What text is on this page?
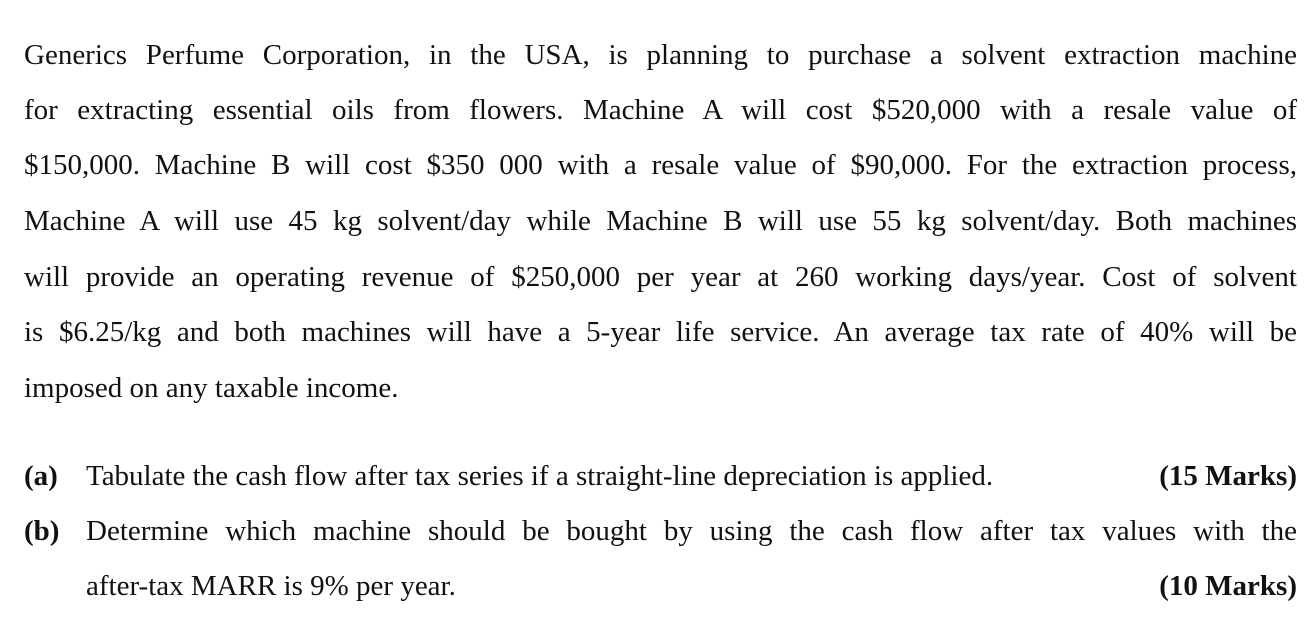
Generics Perfume Corporation, in the USA, is planning to purchase a solvent extraction machine
for extracting essential oils from flowers. Machine A will cost $520,000 with a resale value of
$150,000. Machine B will cost $350 000 with a resale value of $90,000. For the extraction process,
Machine A will use 45 kg solvent/day while Machine B will use 55 kg solvent/day. Both machines
will provide an operating revenue of $250,000 per year at 260 working days/year. Cost of solvent
is $6.25/kg and both machines will have a 5-year life service. An average tax rate of 40% will be
imposed on any taxable income.
(a) Tabulate the cash flow after tax series if a straight-line depreciation is applied.	(15 Marks)
(b) Determine which machine should be bought by using the cash flow after tax values with the
after-tax MARR is 9% per year.	(10 Marks)
